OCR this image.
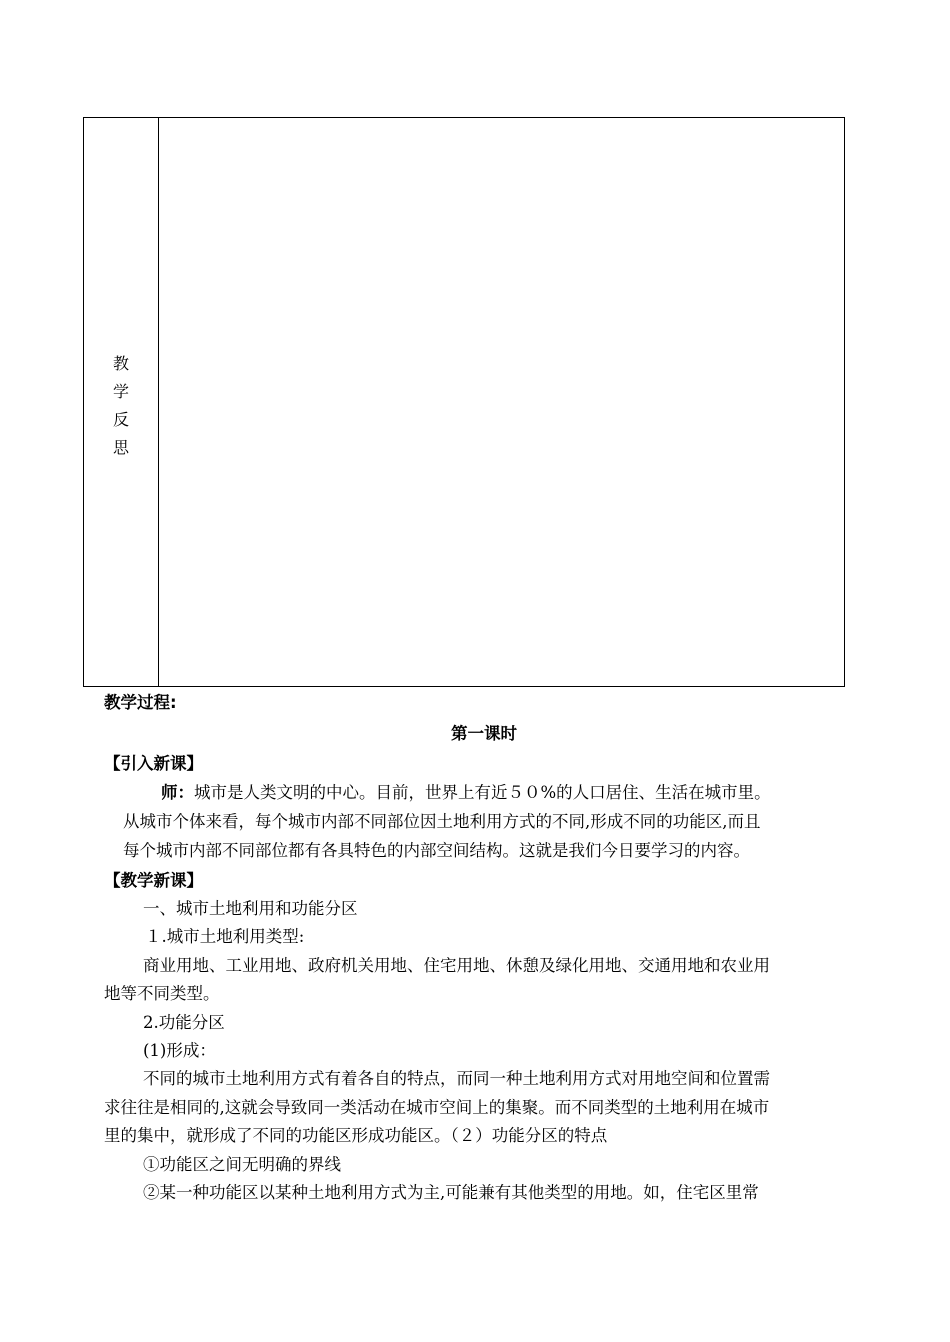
教
学
反
思
教学过程:
第一课时
【引入新课】
师：城市是人类文明的中心。目前，世界上有近５０%的人口居住、生活在城市里。
从城市个体来看，每个城市内部不同部位因土地利用方式的不同,形成不同的功能区,而且
每个城市内部不同部位都有各具特色的内部空间结构。这就是我们今日要学习的内容。
【教学新课】
一、城市土地利用和功能分区
１.城市土地利用类型:
商业用地、工业用地、政府机关用地、住宅用地、休憩及绿化用地、交通用地和农业用
地等不同类型。
2.功能分区
(1)形成：
不同的城市土地利用方式有着各自的特点，而同一种土地利用方式对用地空间和位置需
求往往是相同的,这就会导致同一类活动在城市空间上的集聚。而不同类型的土地利用在城市
里的集中，就形成了不同的功能区形成功能区。（２）功能分区的特点
①功能区之间无明确的界线
②某一种功能区以某种土地利用方式为主,可能兼有其他类型的用地。如，住宅区里常
